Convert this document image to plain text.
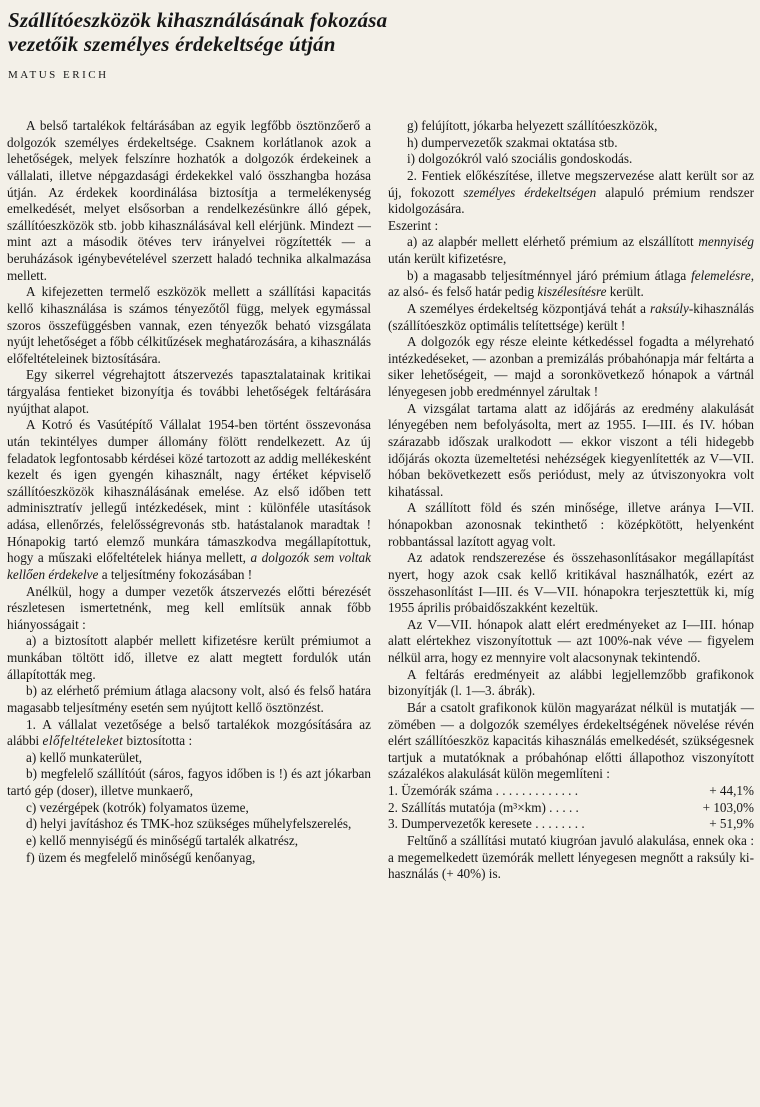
Szállítóeszközök kihasználásának fokozása
vezetőik személyes érdekeltsége útján
MATUS ERICH

A belső tartalékok feltárásában az egyik legfőbb ösztönzőerő a dolgozók személyes érdekeltsége. Csaknem korlátlanok azok a lehetőségek, melyek felszínre hozhatók a dolgozók érdekeinek a vállalati, illetve népgazdasági érdekekkel való összhangba hozása útján. Az érdekek koordinálása biztosítja a termelékenység emelkedését, melyet elsősorban a rendelkezésünkre álló gépek, szállítóeszközök stb. jobb kihasználásával kell elérjünk. Mindezt — mint azt a második ötéves terv irányelvei rögzítették — a beruházások igénybevételével szerzett haladó technika alkalmazása mellett.

A kifejezetten termelő eszközök mellett a szállítási kapacitás kellő kihasználása is számos tényezőtől függ, melyek egymással szoros összefüggésben vannak, ezen tényezők beható vizsgálata nyújt lehetőséget a főbb célkitűzések meghatározására, a kihasználás előfeltételeinek biztosítására.

Egy sikerrel végrehajtott átszervezés tapasztalatainak kritikai tárgyalása fentieket bizonyítja és további lehetőségek feltárására nyújthat alapot.

A Kotró és Vasútépítő Vállalat 1954-ben történt összevonása után tekintélyes dumper állomány fölött rendelkezett. Az új feladatok legfontosabb kérdései közé tartozott az addig mellékesként kezelt és igen gyengén kihasznált, nagy értéket képviselő szállítóeszközök kihasználásának emelése. Az első időben tett adminisztratív jellegű intézkedések, mint : különféle utasítások adása, ellenőrzés, felelősségrevonás stb. hatástalanok maradtak ! Hónapokig tartó elemző munkára támaszkodva megállapítottuk, hogy a műszaki előfeltételek hiánya mellett, a dolgozók sem voltak kellően érdekelve a teljesítmény fokozásában !

Anélkül, hogy a dumper vezetők átszervezés előtti bérezését részletesen ismertetnénk, meg kell említsük annak főbb hiányosságait :

a) a biztosított alapbér mellett kifizetésre került prémiumot a munkában töltött idő, illetve ez alatt megtett fordulók után állapították meg.

b) az elérhető prémium átlaga alacsony volt, alsó és felső határa magasabb teljesítmény esetén sem nyújtott kellő ösztönzést.

1. A vállalat vezetősége a belső tartalékok mozgósítására az alábbi előfeltételeket biztosította :

a) kellő munkaterület,

b) megfelelő szállítóút (sáros, fagyos időben is !) és azt jókarban tartó gép (doser), illetve munkaerő,

c) vezérgépek (kotrók) folyamatos üzeme,

d) helyi javításhoz és TMK-hoz szükséges műhelyfelszerelés,

e) kellő mennyiségű és minőségű tartalék alkatrész,

f) üzem és megfelelő minőségű kenőanyag,

g) felújított, jókarba helyezett szállítóeszközök,

h) dumpervezetők szakmai oktatása stb.

i) dolgozókról való szociális gondoskodás.

2. Fentiek előkészítése, illetve megszervezése alatt került sor az új, fokozott személyes érdekeltségen alapuló prémium rendszer kidolgozására.

Eszerint :

a) az alapbér mellett elérhető prémium az elszállított mennyiség után került kifizetésre,

b) a magasabb teljesítménnyel járó prémium átlaga felemelésre, az alsó- és felső határ pedig kiszélesítésre került.

A személyes érdekeltség központjává tehát a raksúly-kihasználás (szállítóeszköz optimális telítettsége) került !

A dolgozók egy része eleinte kétkedéssel fogadta a mélyreható intézkedéseket, — azonban a premizálás próbahónapja már feltárta a siker lehetőségeit, — majd a soronkövetkező hónapok a vártnál lényegesen jobb eredménnyel zárultak !

A vizsgálat tartama alatt az időjárás az eredmény alakulását lényegében nem befolyásolta, mert az 1955. I—III. és IV. hóban szárazabb időszak uralkodott — ekkor viszont a téli hidegebb időjárás okozta üzemeltetési nehézségek kiegyenlítették az V—VII. hóban bekövetkezett esős periódust, mely az útviszonyokra volt kihatással.

A szállított föld és szén minősége, illetve aránya I—VII. hónapokban azonosnak tekinthető : középkötött, helyenként robbantással lazított agyag volt.

Az adatok rendszerezése és összehasonlításakor megállapítást nyert, hogy azok csak kellő kritikával használhatók, ezért az összehasonlítást I—III. és V—VII. hónapokra terjesztettük ki, míg 1955 április próbaidőszakként kezeltük.

Az V—VII. hónapok alatt elért eredményeket az I—III. hónap alatt elértekhez viszonyítottuk — azt 100%-nak véve — figyelem nélkül arra, hogy ez mennyire volt alacsonynak tekintendő.

A feltárás eredményeit az alábbi legjellemzőbb grafikonok bizonyítják (l. 1—3. ábrák).

Bár a csatolt grafikonok külön magyarázat nélkül is mutatják — zömében — a dolgozók személyes érdekeltségének növelése révén elért szállítóeszköz kapacitás kihasználás emelkedését, szükségesnek tartjuk a mutatóknak a próbahónap előtti állapothoz viszonyított százalékos alakulását külön megemlíteni :

1. Üzemórák száma . . . . . . . . . . . . .	+ 44,1%
2. Szállítás mutatója (m³×km) . . . . .	+ 103,0%
3. Dumpervezetők keresete . . . . . . . .	+ 51,9%

Feltűnő a szállítási mutató kiugróan javuló alakulása, ennek oka : a megemelkedett üzemórák mellett lényegesen megnőtt a raksúly kihasználás (+ 40%) is.
